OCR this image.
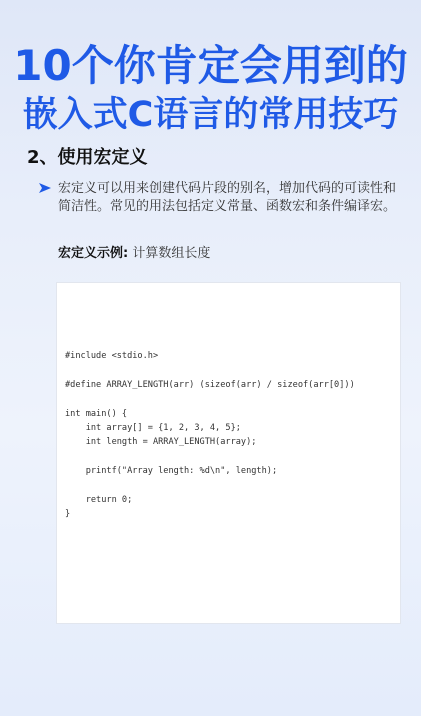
10个你肯定会用到的
嵌入式C语言的常用技巧
2、使用宏定义
宏定义可以用来创建代码片段的别名，增加代码的可读性和简洁性。常见的用法包括定义常量、函数宏和条件编译宏。
宏定义示例: 计算数组长度
#include <stdio.h>

#define ARRAY_LENGTH(arr) (sizeof(arr) / sizeof(arr[0]))

int main() {
int array[] = {1, 2, 3, 4, 5};
int length = ARRAY_LENGTH(array);

printf("Array length: %d\n", length);

return 0;
}
